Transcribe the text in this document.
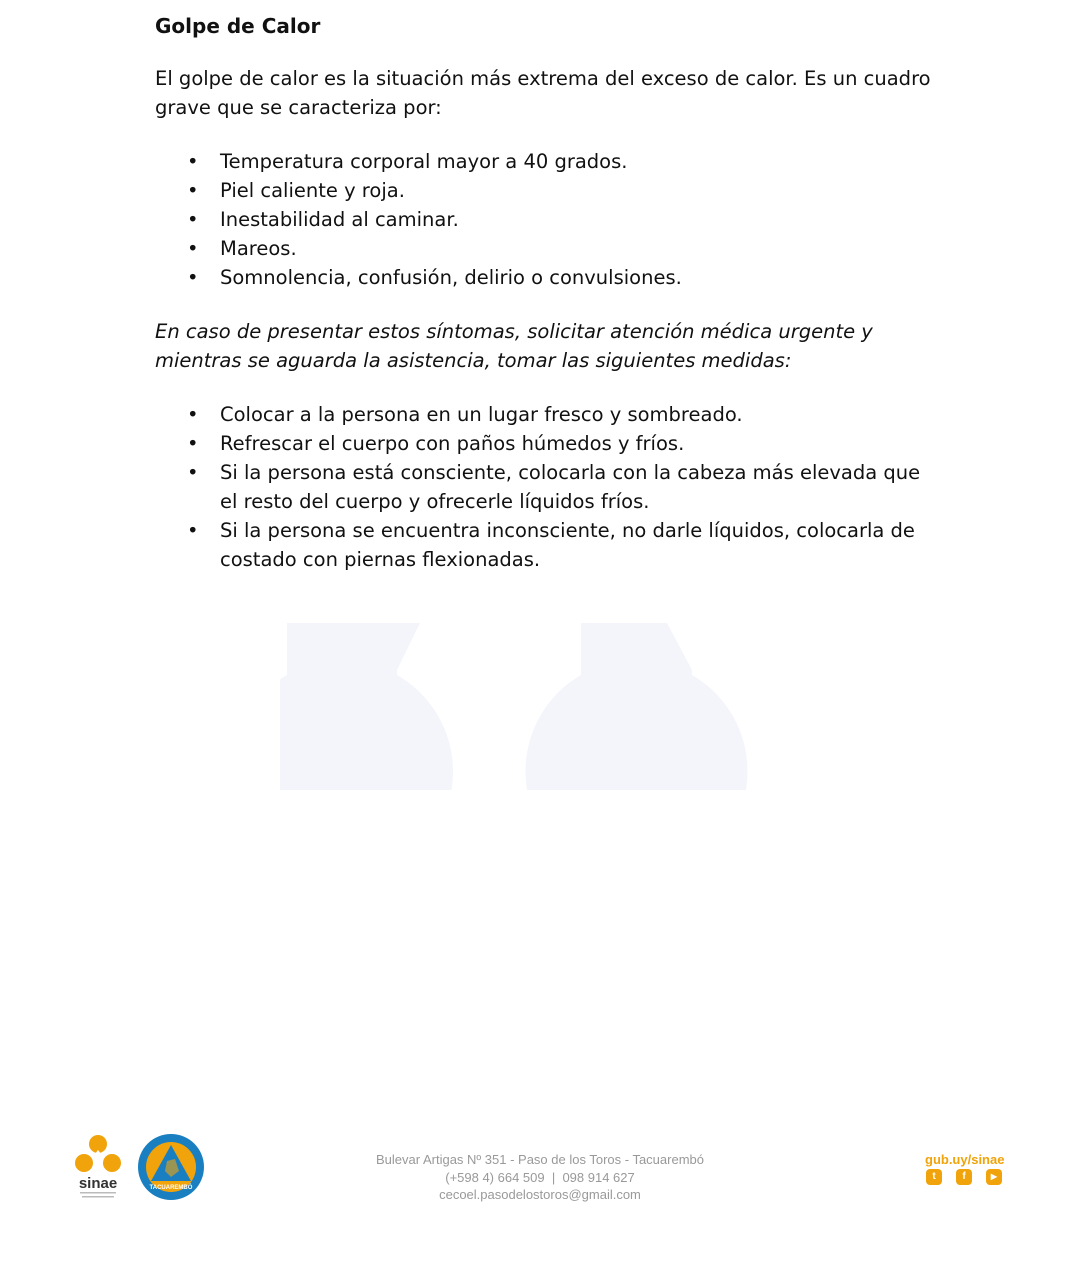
Golpe de Calor

El golpe de calor es la situación más extrema del exceso de calor. Es un cuadro grave que se caracteriza por:

• Temperatura corporal mayor a 40 grados.
• Piel caliente y roja.
• Inestabilidad al caminar.
• Mareos.
• Somnolencia, confusión, delirio o convulsiones.

En caso de presentar estos síntomas, solicitar atención médica urgente y mientras se aguarda la asistencia, tomar las siguientes medidas:

• Colocar a la persona en un lugar fresco y sombreado.
• Refrescar el cuerpo con paños húmedos y fríos.
• Si la persona está consciente, colocarla con la cabeza más elevada que el resto del cuerpo y ofrecerle líquidos fríos.
• Si la persona se encuentra inconsciente, no darle líquidos, colocarla de costado con piernas flexionadas.
sinae	TACUAREMBÓ
Bulevar Artigas Nº 351 - Paso de los Toros - Tacuarembó
(+598 4) 664 509  |  098 914 627
cecoel.pasodelostoros@gmail.com
gub.uy/sinae
t	f	▶
